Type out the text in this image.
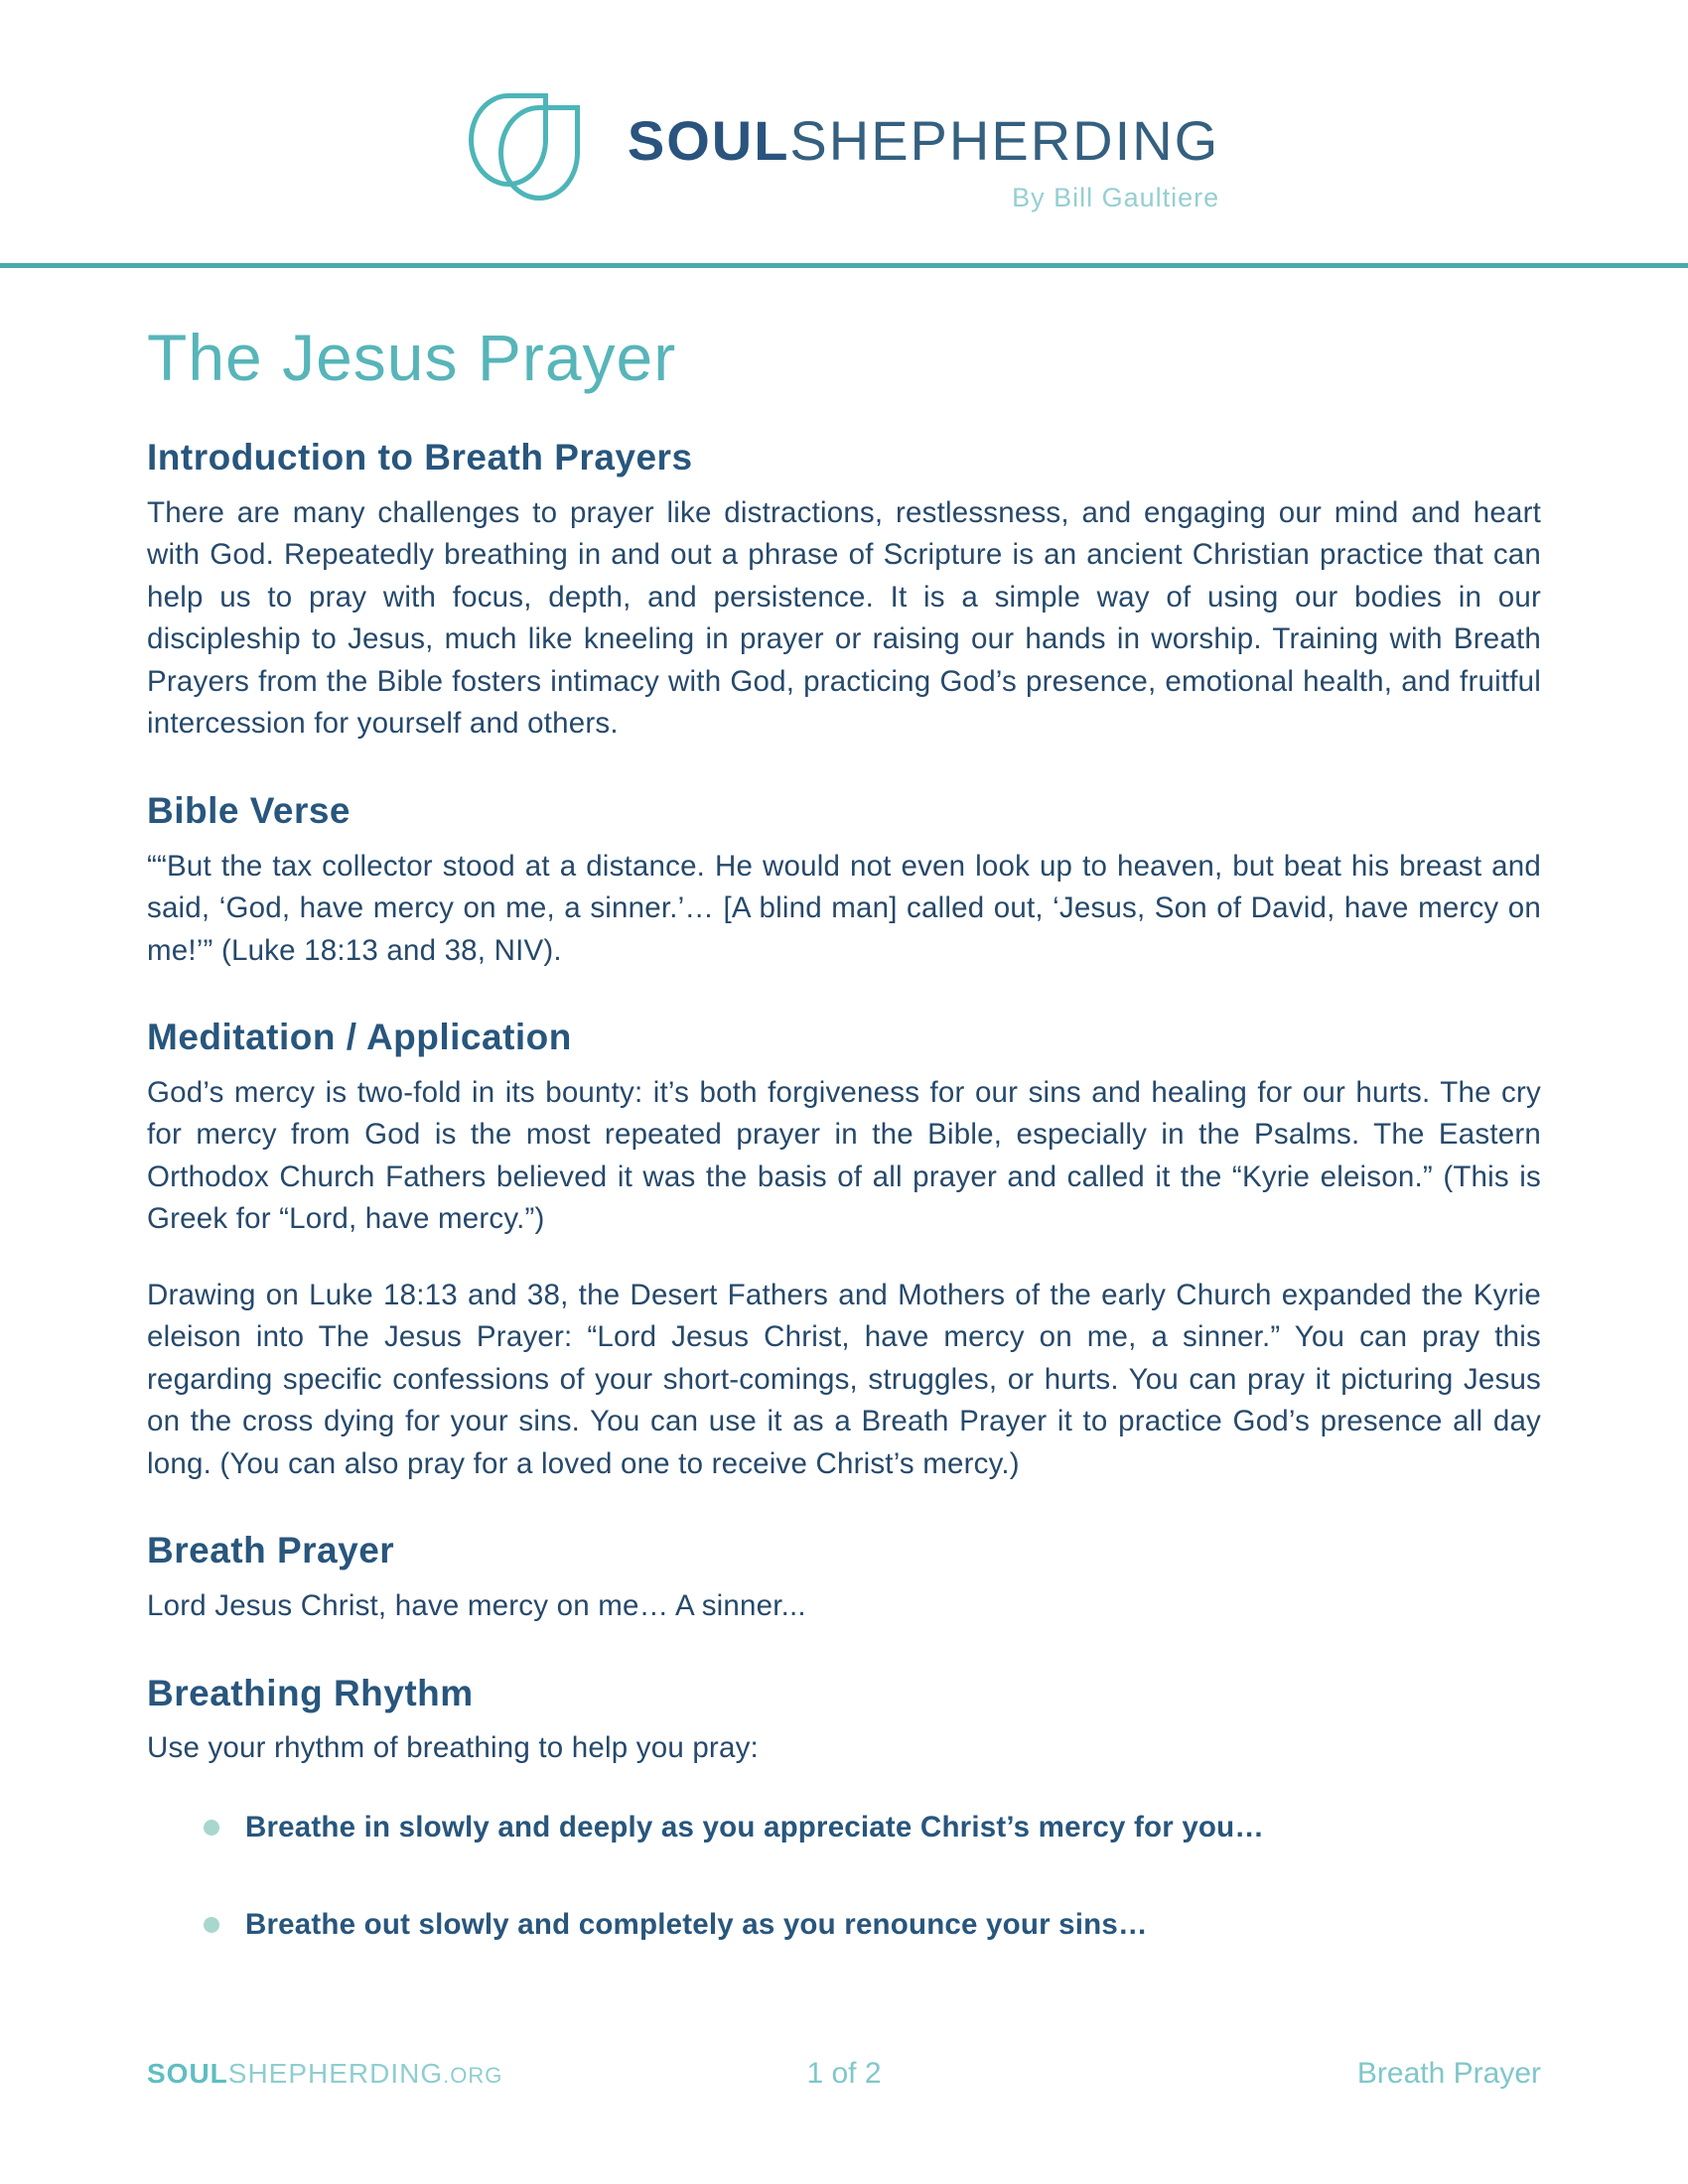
SOULSHEPHERDING
By Bill Gaultiere
The Jesus Prayer
Introduction to Breath Prayers

There are many challenges to prayer like distractions, restlessness, and engaging our mind and heart with God. Repeatedly breathing in and out a phrase of Scripture is an ancient Christian practice that can help us to pray with focus, depth, and persistence. It is a simple way of using our bodies in our discipleship to Jesus, much like kneeling in prayer or raising our hands in worship. Training with Breath Prayers from the Bible fosters intimacy with God, practicing God’s presence, emotional health, and fruitful intercession for yourself and others.

Bible Verse

““But the tax collector stood at a distance. He would not even look up to heaven, but beat his breast and said, ‘God, have mercy on me, a sinner.’… [A blind man] called out, ‘Jesus, Son of David, have mercy on me!’” (Luke 18:13 and 38, NIV).

Meditation / Application

God’s mercy is two-fold in its bounty: it’s both forgiveness for our sins and healing for our hurts. The cry for mercy from God is the most repeated prayer in the Bible, especially in the Psalms. The Eastern Orthodox Church Fathers believed it was the basis of all prayer and called it the “Kyrie eleison.” (This is Greek for “Lord, have mercy.”)

Drawing on Luke 18:13 and 38, the Desert Fathers and Mothers of the early Church expanded the Kyrie eleison into The Jesus Prayer: “Lord Jesus Christ, have mercy on me, a sinner.” You can pray this regarding specific confessions of your short-comings, struggles, or hurts. You can pray it picturing Jesus on the cross dying for your sins. You can use it as a Breath Prayer it to practice God’s presence all day long. (You can also pray for a loved one to receive Christ’s mercy.)

Breath Prayer

Lord Jesus Christ, have mercy on me… A sinner...

Breathing Rhythm

Use your rhythm of breathing to help you pray:

Breathe in slowly and deeply as you appreciate Christ’s mercy for you…
Breathe out slowly and completely as you renounce your sins…
SOULSHEPHERDING.ORG	1 of 2	Breath Prayer
